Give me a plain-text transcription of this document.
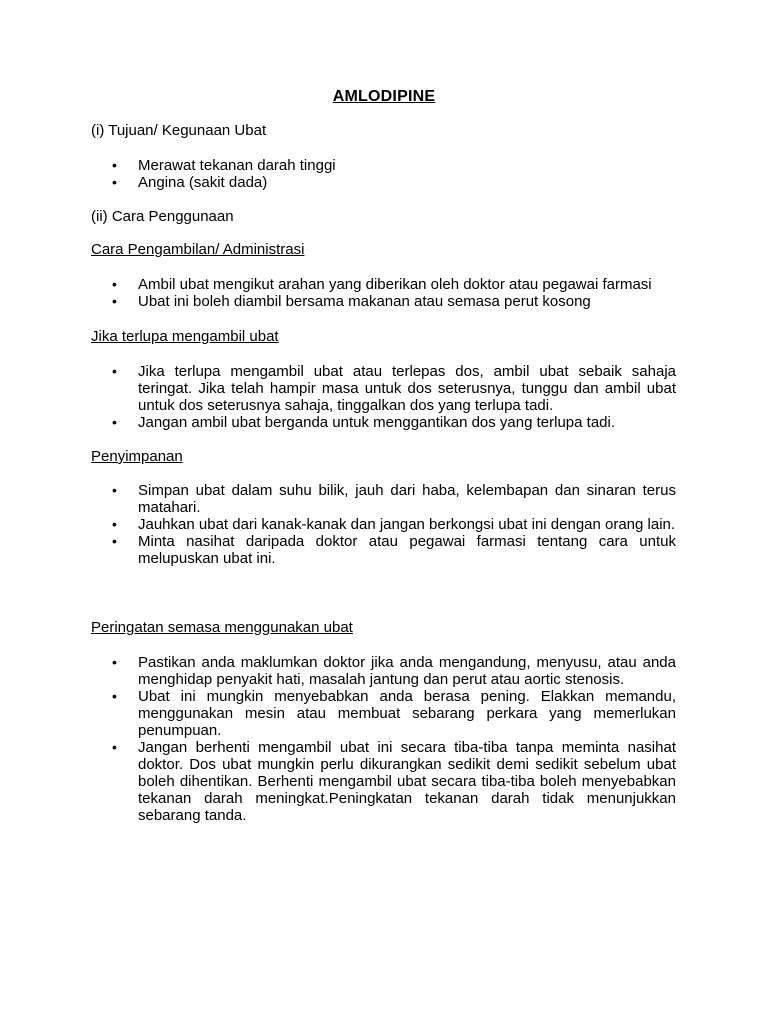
AMLODIPINE
(i) Tujuan/ Kegunaan Ubat
• Merawat tekanan darah tinggi
• Angina (sakit dada)
(ii) Cara Penggunaan
Cara Pengambilan/ Administrasi
• Ambil ubat mengikut arahan yang diberikan oleh doktor atau pegawai farmasi
• Ubat ini boleh diambil bersama makanan atau semasa perut kosong
Jika terlupa mengambil ubat
• Jika terlupa mengambil ubat atau terlepas dos, ambil ubat sebaik sahaja teringat. Jika telah hampir masa untuk dos seterusnya, tunggu dan ambil ubat untuk dos seterusnya sahaja, tinggalkan dos yang terlupa tadi.
• Jangan ambil ubat berganda untuk menggantikan dos yang terlupa tadi.
Penyimpanan
• Simpan ubat dalam suhu bilik, jauh dari haba, kelembapan dan sinaran terus matahari.
• Jauhkan ubat dari kanak-kanak dan jangan berkongsi ubat ini dengan orang lain.
• Minta nasihat daripada doktor atau pegawai farmasi tentang cara untuk melupuskan ubat ini.
Peringatan semasa menggunakan ubat
• Pastikan anda maklumkan doktor jika anda mengandung, menyusu, atau anda menghidap penyakit hati, masalah jantung dan perut atau aortic stenosis.
• Ubat ini mungkin menyebabkan anda berasa pening. Elakkan memandu, menggunakan mesin atau membuat sebarang perkara yang memerlukan penumpuan.
• Jangan berhenti mengambil ubat ini secara tiba-tiba tanpa meminta nasihat doktor. Dos ubat mungkin perlu dikurangkan sedikit demi sedikit sebelum ubat boleh dihentikan. Berhenti mengambil ubat secara tiba-tiba boleh menyebabkan tekanan darah meningkat.Peningkatan tekanan darah tidak menunjukkan sebarang tanda.
